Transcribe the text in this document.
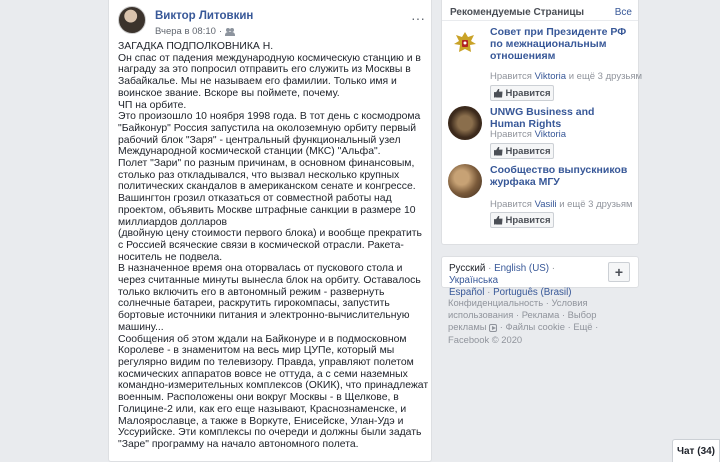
Виктор Литовкин
Вчера в 08:10 ·
···

ЗАГАДКА ПОДПОЛКОВНИКА Н.

Он спас от падения международную космическую станцию и в награду за это попросил отправить его служить из Москвы в Забайкалье. Мы не называем его фамилии. Только имя и воинское звание. Вскоре вы поймете, почему.

ЧП на орбите.

Это произошло 10 ноября 1998 года. В тот день с космодрома "Байконур" Россия запустила на околоземную орбиту первый рабочий блок "Заря" - центральный функциональный узел Международной космической станции (МКС) "Альфа".

Полет "Зари" по разным причинам, в основном финансовым, столько раз откладывался, что вызвал несколько крупных политических скандалов в американском сенате и конгрессе.

Вашингтон грозил отказаться от совместной работы над проектом, объявить Москве штрафные санкции в размере 10 миллиардов долларов

(двойную цену стоимости первого блока) и вообще прекратить с Россией всяческие связи в космической отрасли. Ракета-носитель не подвела.

В назначенное время она оторвалась от пускового стола и через считанные минуты вынесла блок на орбиту. Оставалось только включить его в автономный режим - развернуть солнечные батареи, раскрутить гирокомпасы, запустить бортовые источники питания и электронно-вычислительную машину...

Сообщения об этом ждали на Байконуре и в подмосковном Королеве - в знаменитом на весь мир ЦУПе, который мы регулярно видим по телевизору. Правда, управляют полетом космических аппаратов вовсе не оттуда, а с семи наземных

командно-измерительных комплексов (ОКИК), что принадлежат военным. Расположены они вокруг Москвы - в Щелкове, в Голицине-2 или, как его еще называют, Краснознаменске, и Малоярославце, а также в Воркуте, Енисейске, Улан-Удэ и Уссурийске. Эти комплексы по очереди и должны были задать "Заре" программу на начало автономного полета.

Рекомендуемые Страницы	Все
Совет при Президенте РФ по межнациональным отношениям
Нравится Viktoria и ещё 3 друзьям
Нравится
UNWG Business and Human Rights
Нравится Viktoria
Нравится
Сообщество выпускников журфака МГУ
Нравится Vasili и ещё 3 друзьям
Нравится
Русский · English (US) · Українська
Español · Português (Brasil)
+
Конфиденциальность · Условия использования · Реклама · Выбор рекламы  · Файлы cookie · Ещё ·
Facebook © 2020
Чат (34)
